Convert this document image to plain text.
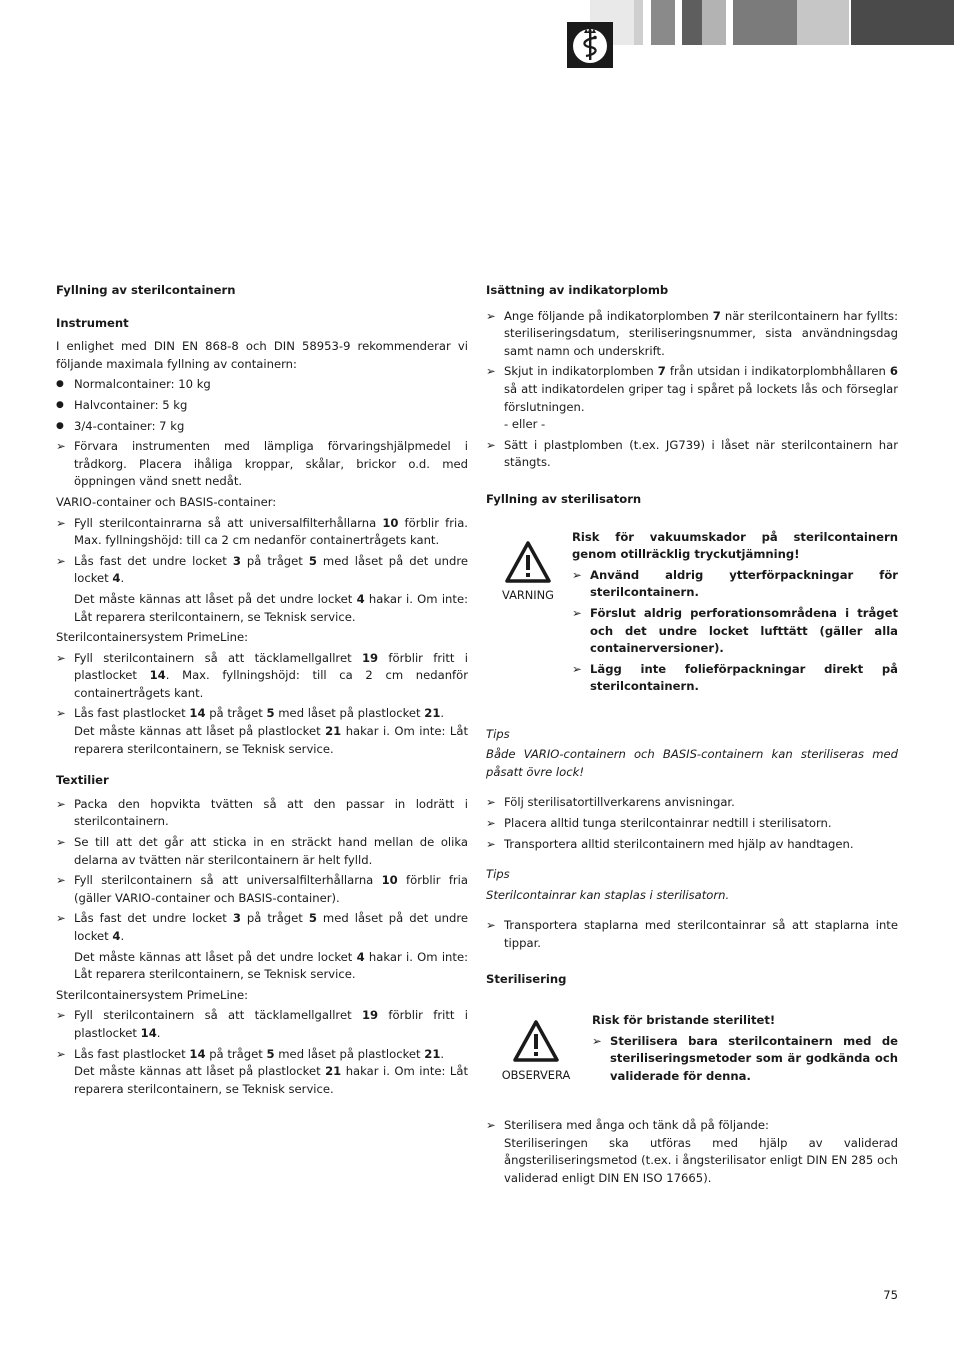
Fyllning av sterilcontainern

Instrument

I enlighet med DIN EN 868-8 och DIN 58953-9 rekommenderar vi följande maximala fyllning av containern:

● Normalcontainer: 10 kg
● Halvcontainer: 5 kg
● 3/4-container: 7 kg
➢ Förvara instrumenten med lämpliga förvaringshjälpmedel i trådkorg. Placera ihåliga kroppar, skålar, brickor o.d. med öppningen vänd snett nedåt.

VARIO-container och BASIS-container:

➢ Fyll sterilcontainrarna så att universalfilterhållarna 10 förblir fria. Max. fyllningshöjd: till ca 2 cm nedanför containertrågets kant.
➢ Lås fast det undre locket 3 på tråget 5 med låset på det undre locket 4.

Det måste kännas att låset på det undre locket 4 hakar i. Om inte: Låt reparera sterilcontainern, se Teknisk service.

Sterilcontainersystem PrimeLine:

➢ Fyll sterilcontainern så att täcklamellgallret 19 förblir fritt i plastlocket 14. Max. fyllningshöjd: till ca 2 cm nedanför containertrågets kant.
➢ Lås fast plastlocket 14 på tråget 5 med låset på plastlocket 21.

Det måste kännas att låset på plastlocket 21 hakar i. Om inte: Låt reparera sterilcontainern, se Teknisk service.

Textilier

➢ Packa den hopvikta tvätten så att den passar in lodrätt i sterilcontainern.
➢ Se till att det går att sticka in en sträckt hand mellan de olika delarna av tvätten när sterilcontainern är helt fylld.
➢ Fyll sterilcontainern så att universalfilterhållarna 10 förblir fria (gäller VARIO-container och BASIS-container).
➢ Lås fast det undre locket 3 på tråget 5 med låset på det undre locket 4.

Det måste kännas att låset på det undre locket 4 hakar i. Om inte: Låt reparera sterilcontainern, se Teknisk service.

Sterilcontainersystem PrimeLine:

➢ Fyll sterilcontainern så att täcklamellgallret 19 förblir fritt i plastlocket 14.
➢ Lås fast plastlocket 14 på tråget 5 med låset på plastlocket 21.

Det måste kännas att låset på plastlocket 21 hakar i. Om inte: Låt reparera sterilcontainern, se Teknisk service.

Isättning av indikatorplomb

➢ Ange följande på indikatorplomben 7 när sterilcontainern har fyllts: steriliseringsdatum, steriliseringsnummer, sista användningsdag samt namn och underskrift.
➢ Skjut in indikatorplomben 7 från utsidan i indikatorplombhållaren 6 så att indikatordelen griper tag i spåret på lockets lås och förseglar förslutningen.

- eller -

➢ Sätt i plastplomben (t.ex. JG739) i låset när sterilcontainern har stängts.

Fyllning av sterilisatorn

VARNING

Risk för vakuumskador på sterilcontainern genom otillräcklig tryckutjämning!

➢ Använd aldrig ytterförpackningar för sterilcontainern.
➢ Förslut aldrig perforationsområdena i tråget och det undre locket lufttätt (gäller alla containerversioner).
➢ Lägg inte folieförpackningar direkt på sterilcontainern.

Tips

Både VARIO-containern och BASIS-containern kan steriliseras med påsatt övre lock!

➢ Följ sterilisatortillverkarens anvisningar.
➢ Placera alltid tunga sterilcontainrar nedtill i sterilisatorn.
➢ Transportera alltid sterilcontainern med hjälp av handtagen.

Tips

Sterilcontainrar kan staplas i sterilisatorn.

➢ Transportera staplarna med sterilcontainrar så att staplarna inte tippar.

Sterilisering

OBSERVERA

Risk för bristande sterilitet!

➢ Sterilisera bara sterilcontainern med de steriliseringsmetoder som är godkända och validerade för denna.
➢ Sterilisera med ånga och tänk då på följande:

Steriliseringen ska utföras med hjälp av validerad ångsteriliseringsmetod (t.ex. i ångsterilisator enligt DIN EN 285 och validerad enligt DIN EN ISO 17665).

75
